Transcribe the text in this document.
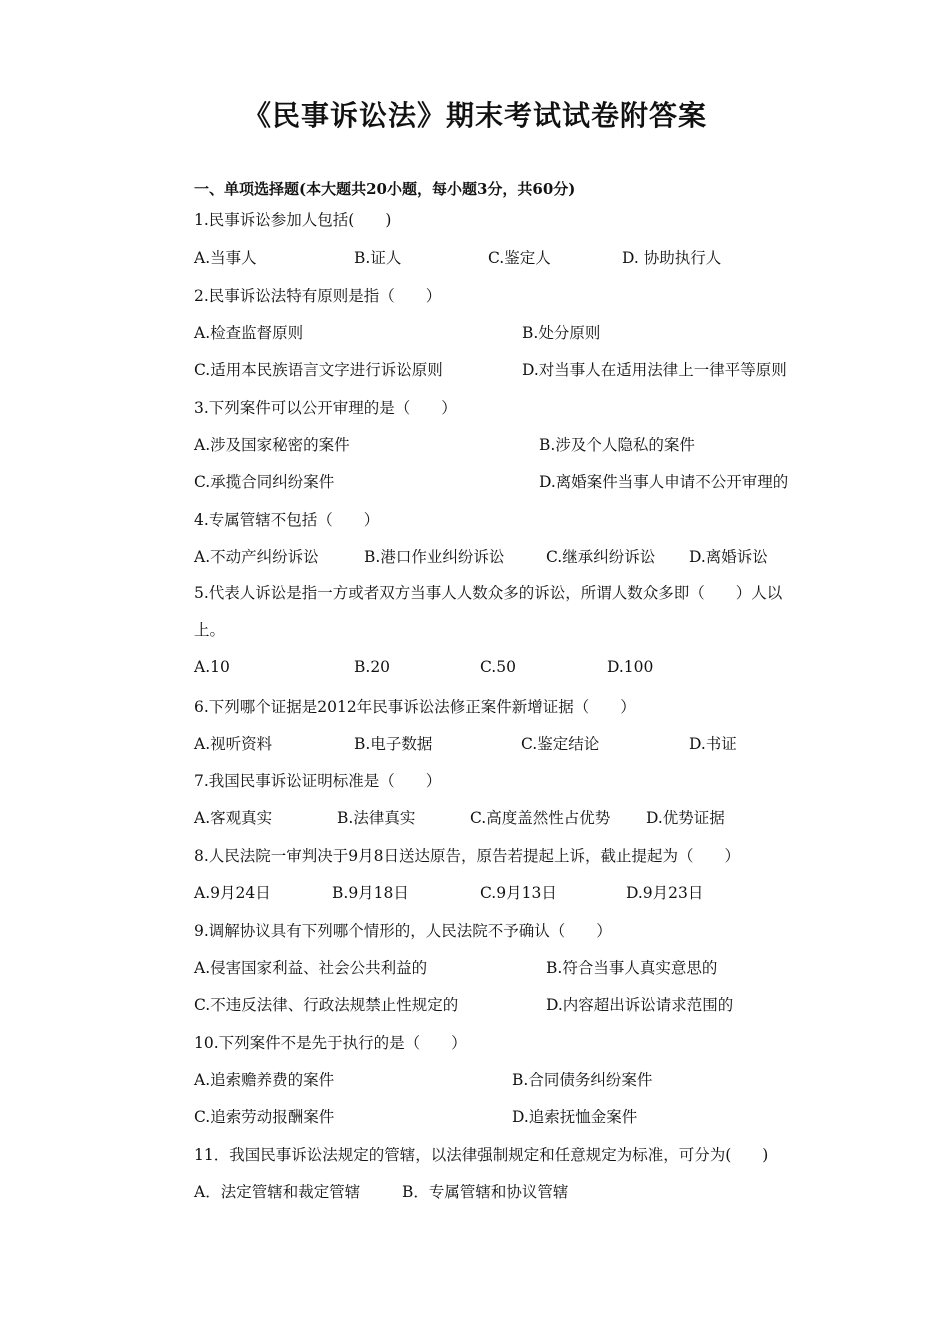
《民事诉讼法》期末考试试卷附答案
一、单项选择题(本大题共20小题，每小题3分，共60分)
1.民事诉讼参加人包括(　　)
A.当事人	B.证人	C.鉴定人	D. 协助执行人
2.民事诉讼法特有原则是指（　　）
A.检查监督原则	B.处分原则
C.适用本民族语言文字进行诉讼原则	D.对当事人在适用法律上一律平等原则
3.下列案件可以公开审理的是（　　）
A.涉及国家秘密的案件	B.涉及个人隐私的案件
C.承揽合同纠纷案件	D.离婚案件当事人申请不公开审理的
4.专属管辖不包括（　　）
A.不动产纠纷诉讼	B.港口作业纠纷诉讼	C.继承纠纷诉讼 D.离婚诉讼
5.代表人诉讼是指一方或者双方当事人人数众多的诉讼，所谓人数众多即（　　）人以上。
A.10	B.20	C.50	D.100
6.下列哪个证据是2012年民事诉讼法修正案件新增证据（　　）
A.视听资料	B.电子数据	C.鉴定结论	D.书证
7.我国民事诉讼证明标准是（　　）
A.客观真实	B.法律真实	C.高度盖然性占优势 D.优势证据
8.人民法院一审判决于9月8日送达原告，原告若提起上诉，截止提起为（　　）
A.9月24日	B.9月18日	C.9月13日	D.9月23日
9.调解协议具有下列哪个情形的，人民法院不予确认（　　）
A.侵害国家利益、社会公共利益的	B.符合当事人真实意思的
C.不违反法律、行政法规禁止性规定的	D.内容超出诉讼请求范围的
10.下列案件不是先于执行的是（　　）
A.追索赡养费的案件	B.合同债务纠纷案件
C.追索劳动报酬案件	D.追索抚恤金案件
11．我国民事诉讼法规定的管辖，以法律强制规定和任意规定为标准，可分为(　　)
A．法定管辖和裁定管辖	B．专属管辖和协议管辖
